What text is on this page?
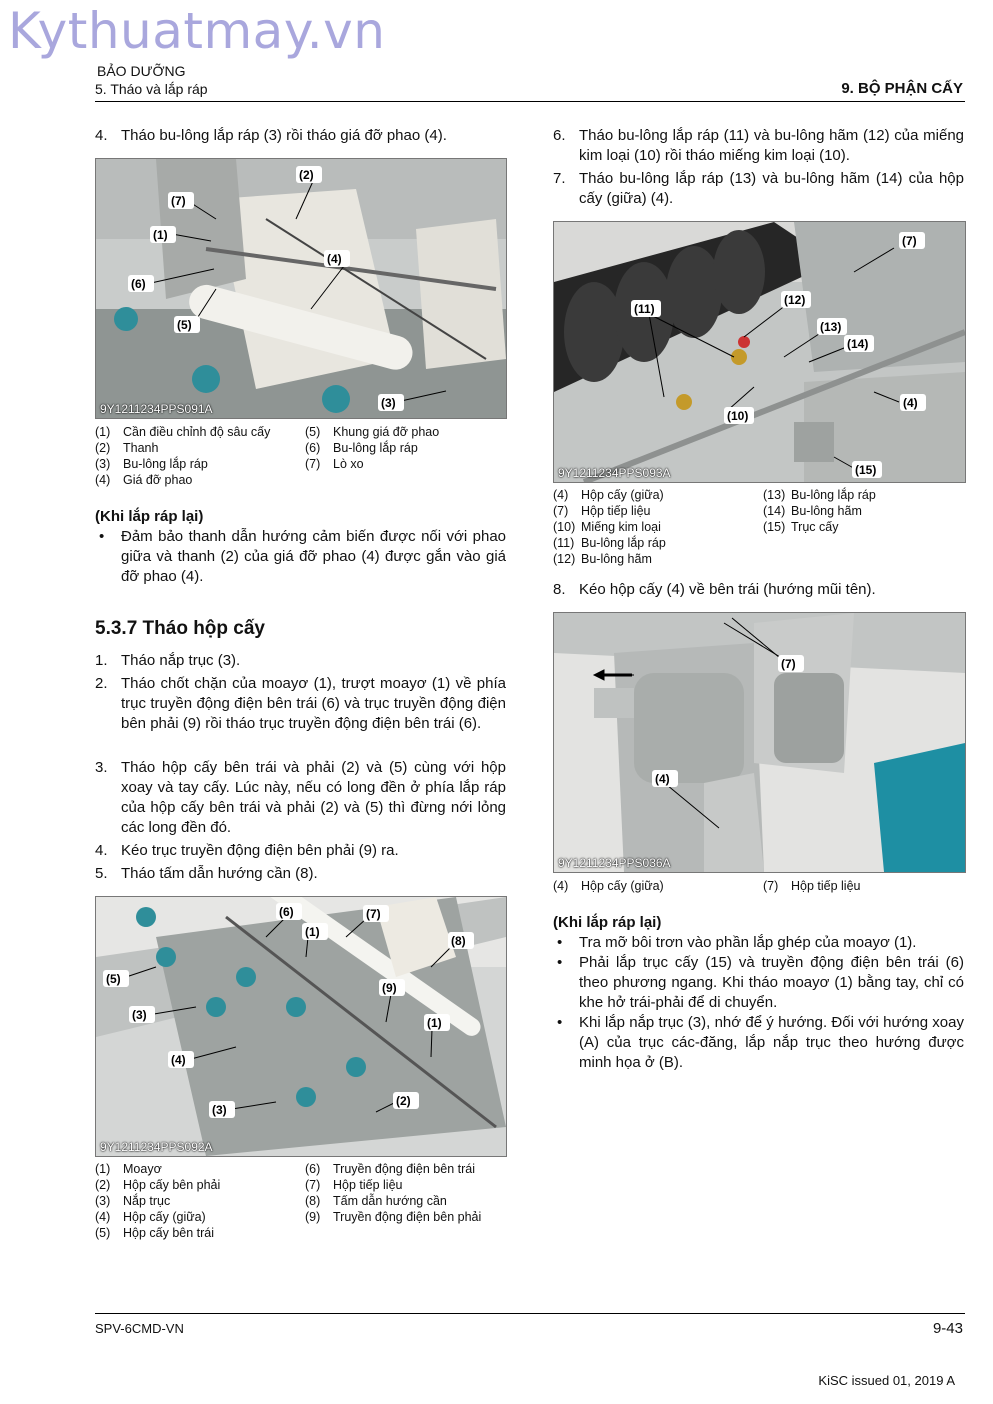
Kythuatmay.vn
BẢO DƯỠNG
5. Tháo và lắp ráp	9. BỘ PHẬN CẤY
4. Tháo bu-lông lắp ráp (3) rồi tháo giá đỡ phao (4).
(2)
(7)
(1)
(4)
(6)
(5)
(3)
9Y1211234PPS091A
(1) Cần điều chỉnh độ sâu cấy
(2) Thanh
(3) Bu-lông lắp ráp
(4) Giá đỡ phao
(5) Khung giá đỡ phao
(6) Bu-lông lắp ráp
(7) Lò xo
(Khi lắp ráp lại)
•	Đảm bảo thanh dẫn hướng cảm biến được nối với phao giữa và thanh (2) của giá đỡ phao (4) được gắn vào giá đỡ phao (4).
5.3.7 Tháo hộp cấy
1. Tháo nắp trục (3).
2. Tháo chốt chặn của moayơ (1), trượt moayơ (1) về phía trục truyền động điện bên trái (6) và trục truyền động điện bên phải (9) rồi tháo trục truyền động điện bên trái (6).
3. Tháo hộp cấy bên trái và phải (2) và (5) cùng với hộp xoay và tay cấy. Lúc này, nếu có long đền ở phía lắp ráp của hộp cấy bên trái và phải (2) và (5) thì đừng nới lỏng các long đền đó.
4. Kéo trục truyền động điện bên phải (9) ra.
5. Tháo tấm dẫn hướng cần (8).
(6)	(7)
(1)
(8)
(5)
(9)
(3)
(1)
(4)
(2)
(3)
9Y1211234PPS092A
(1) Moayơ
(2) Hộp cấy bên phải
(3) Nắp trục
(4) Hộp cấy (giữa)
(5) Hộp cấy bên trái
(6) Truyền động điện bên trái
(7) Hộp tiếp liệu
(8) Tấm dẫn hướng cần
(9) Truyền động điện bên phải
6. Tháo bu-lông lắp ráp (11) và bu-lông hãm (12) của miếng kim loại (10) rồi tháo miếng kim loại (10).
7. Tháo bu-lông lắp ráp (13) và bu-lông hãm (14) của hộp cấy (giữa) (4).
(7)
(12)
(11)
(13)
(14)
(4)
(10)
(15)
9Y1211234PPS093A
(4) Hộp cấy (giữa)
(7) Hộp tiếp liệu
(10) Miếng kim loại
(11) Bu-lông lắp ráp
(12) Bu-lông hãm
(13) Bu-lông lắp ráp
(14) Bu-lông hãm
(15) Trục cấy
8. Kéo hộp cấy (4) về bên trái (hướng mũi tên).
(7)
(4)
9Y1211234PPS036A
(4) Hộp cấy (giữa)	(7) Hộp tiếp liệu
(Khi lắp ráp lại)
•	Tra mỡ bôi trơn vào phần lắp ghép của moayơ (1).
•	Phải lắp trục cấy (15) và truyền động điện bên trái (6) theo phương ngang. Khi tháo moayơ (1) bằng tay, chỉ có khe hở trái-phải để di chuyển.
•	Khi lắp nắp trục (3), nhớ để ý hướng. Đối với hướng xoay (A) của trục các-đăng, lắp nắp trục theo hướng được minh họa ở (B).
SPV-6CMD-VN	9-43
KiSC issued 01, 2019 A
